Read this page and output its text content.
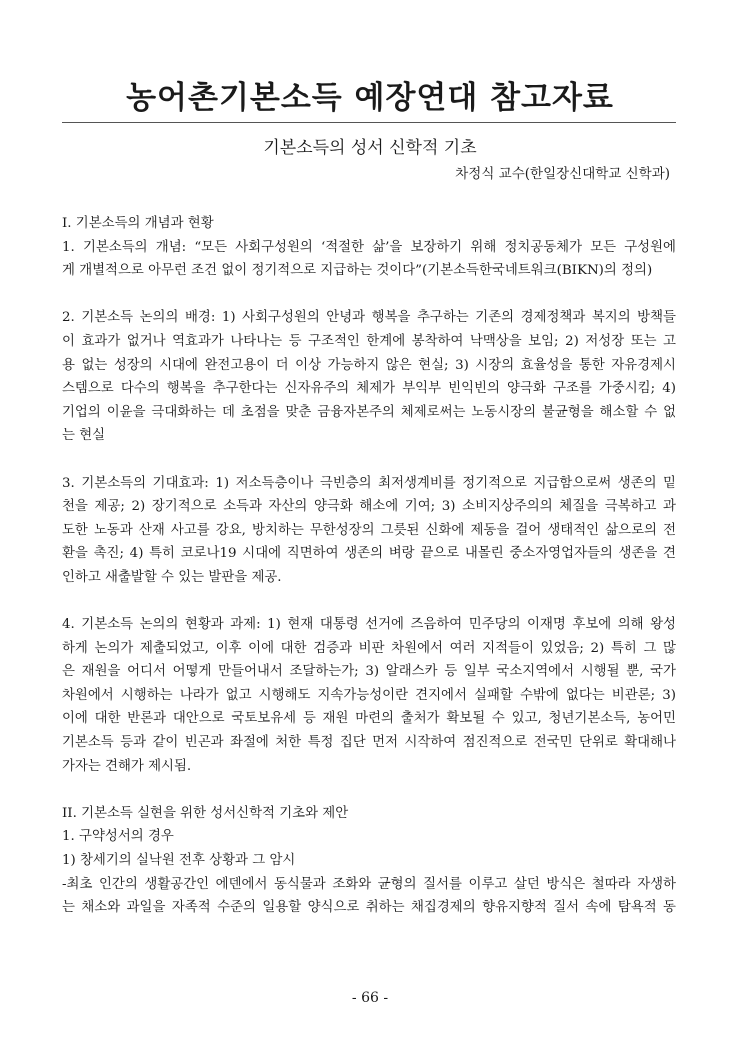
농어촌기본소득 예장연대 참고자료
기본소득의 성서 신학적 기초
차정식 교수(한일장신대학교 신학과)
I. 기본소득의 개념과 현황
1. 기본소득의 개념: “모든 사회구성원의 ‘적절한 삶’을 보장하기 위해 정치공동체가 모든 구성원에
게 개별적으로 아무런 조건 없이 정기적으로 지급하는 것이다”(기본소득한국네트워크(BIKN)의 정의)
2. 기본소득 논의의 배경: 1) 사회구성원의 안녕과 행복을 추구하는 기존의 경제정책과 복지의 방책들
이 효과가 없거나 역효과가 나타나는 등 구조적인 한계에 봉착하여 낙맥상을 보임; 2) 저성장 또는 고
용 없는 성장의 시대에 완전고용이 더 이상 가능하지 않은 현실; 3) 시장의 효율성을 통한 자유경제시
스템으로 다수의 행복을 추구한다는 신자유주의 체제가 부익부 빈익빈의 양극화 구조를 가중시킴; 4)
기업의 이윤을 극대화하는 데 초점을 맞춘 금융자본주의 체제로써는 노동시장의 불균형을 해소할 수 없
는 현실
3. 기본소득의 기대효과: 1) 저소득층이나 극빈층의 최저생계비를 정기적으로 지급함으로써 생존의 밑
천을 제공; 2) 장기적으로 소득과 자산의 양극화 해소에 기여; 3) 소비지상주의의 체질을 극복하고 과
도한 노동과 산재 사고를 강요, 방치하는 무한성장의 그릇된 신화에 제동을 걸어 생태적인 삶으로의 전
환을 촉진; 4) 특히 코로나19 시대에 직면하여 생존의 벼랑 끝으로 내몰린 중소자영업자들의 생존을 견
인하고 새출발할 수 있는 발판을 제공.
4. 기본소득 논의의 현황과 과제: 1) 현재 대통령 선거에 즈음하여 민주당의 이재명 후보에 의해 왕성
하게 논의가 제출되었고, 이후 이에 대한 검증과 비판 차원에서 여러 지적들이 있었음; 2) 특히 그 많
은 재원을 어디서 어떻게 만들어내서 조달하는가; 3) 알래스카 등 일부 국소지역에서 시행될 뿐, 국가
차원에서 시행하는 나라가 없고 시행해도 지속가능성이란 견지에서 실패할 수밖에 없다는 비관론; 3)
이에 대한 반론과 대안으로 국토보유세 등 재원 마련의 출처가 확보될 수 있고, 청년기본소득, 농어민
기본소득 등과 같이 빈곤과 좌절에 처한 특정 집단 먼저 시작하여 점진적으로 전국민 단위로 확대해나
가자는 견해가 제시됨.
II. 기본소득 실현을 위한 성서신학적 기초와 제안
1. 구약성서의 경우
1) 창세기의 실낙원 전후 상황과 그 암시
-최초 인간의 생활공간인 에덴에서 동식물과 조화와 균형의 질서를 이루고 살던 방식은 철따라 자생하
는 채소와 과일을 자족적 수준의 일용할 양식으로 취하는 채집경제의 향유지향적 질서 속에 탐욕적 동
- 66 -
